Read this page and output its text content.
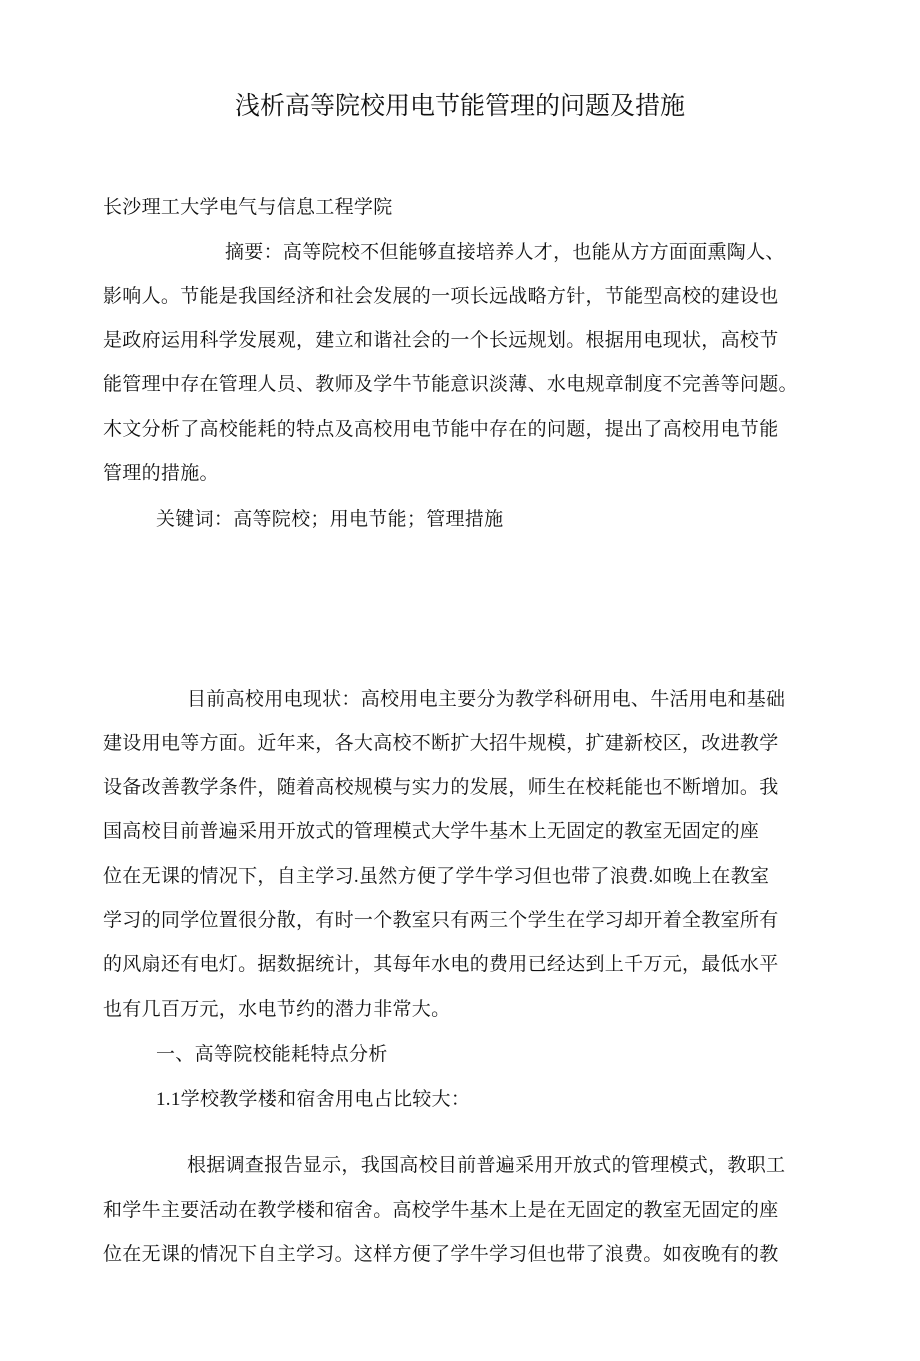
浅析高等院校用电节能管理的问题及措施
长沙理工大学电气与信息工程学院
摘要：高等院校不但能够直接培养人才，也能从方方面面熏陶人、
影响人。节能是我国经济和社会发展的一项长远战略方针，节能型高校的建设也
是政府运用科学发展观，建立和谐社会的一个长远规划。根据用电现状，高校节
能管理中存在管理人员、教师及学牛节能意识淡薄、水电规章制度不完善等问题。
木文分析了高校能耗的特点及高校用电节能中存在的问题，提出了高校用电节能
管理的措施。
关键词：高等院校；用电节能；管理措施
目前高校用电现状：高校用电主要分为教学科研用电、牛活用电和基础
建设用电等方面。近年来，各大高校不断扩大招牛规模，扩建新校区，改进教学
设备改善教学条件，随着高校规模与实力的发展，师生在校耗能也不断增加。我
国高校目前普遍采用开放式的管理模式大学牛基木上无固定的教室无固定的座
位在无课的情况下，自主学习.虽然方便了学牛学习但也带了浪费.如晚上在教室
学习的同学位置很分散，有时一个教室只有两三个学生在学习却开着全教室所有
的风扇还有电灯。据数据统计，其每年水电的费用已经达到上千万元，最低水平
也有几百万元，水电节约的潜力非常大。
一、高等院校能耗特点分析
1.1学校教学楼和宿舍用电占比较大：
根据调查报告显示，我国高校目前普遍采用开放式的管理模式，教职工
和学牛主要活动在教学楼和宿舍。高校学牛基木上是在无固定的教室无固定的座
位在无课的情况下自主学习。这样方便了学牛学习但也带了浪费。如夜晚有的教
